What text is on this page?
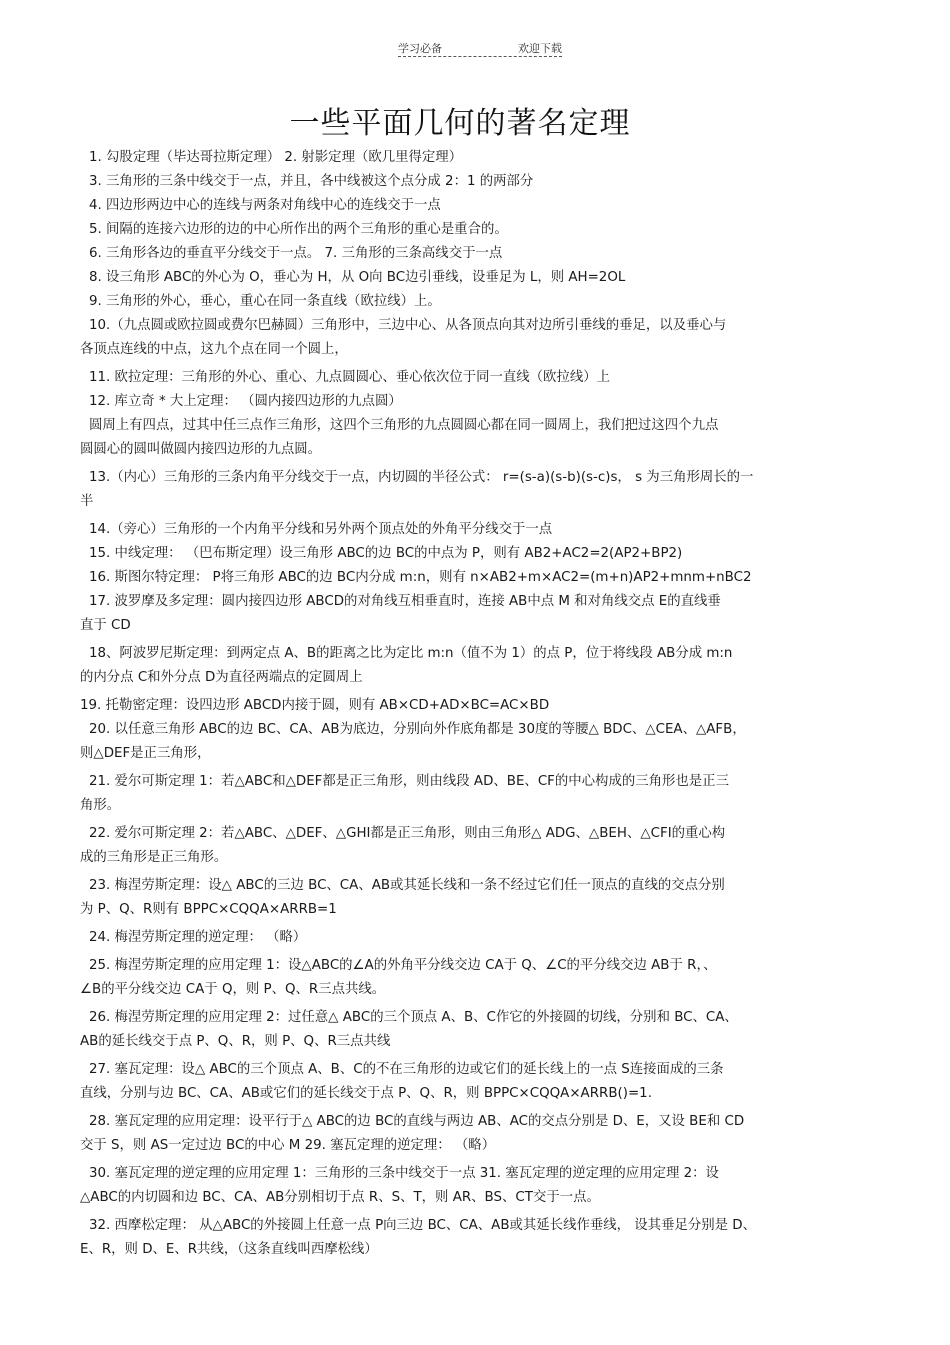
学习必备	欢迎下载
一些平面几何的著名定理

1. 勾股定理（毕达哥拉斯定理） 2. 射影定理（欧几里得定理）

3. 三角形的三条中线交于一点，并且，各中线被这个点分成 2：1 的两部分

4. 四边形两边中心的连线与两条对角线中心的连线交于一点

5. 间隔的连接六边形的边的中心所作出的两个三角形的重心是重合的。

6. 三角形各边的垂直平分线交于一点。 7. 三角形的三条高线交于一点

8. 设三角形 ABC的外心为 O，垂心为 H，从 O向 BC边引垂线，设垂足为 L，则 AH=2OL

9. 三角形的外心，垂心，重心在同一条直线（欧拉线）上。

10.（九点圆或欧拉圆或费尔巴赫圆）三角形中，三边中心、从各顶点向其对边所引垂线的垂足，以及垂心与

各顶点连线的中点，这九个点在同一个圆上，

11. 欧拉定理：三角形的外心、重心、九点圆圆心、垂心依次位于同一直线（欧拉线）上

12. 库立奇 * 大上定理： （圆内接四边形的九点圆）

圆周上有四点，过其中任三点作三角形，这四个三角形的九点圆圆心都在同一圆周上，我们把过这四个九点

圆圆心的圆叫做圆内接四边形的九点圆。

13.（内心）三角形的三条内角平分线交于一点，内切圆的半径公式： r=(s-a)(s-b)(s-c)s， s 为三角形周长的一

半

14.（旁心）三角形的一个内角平分线和另外两个顶点处的外角平分线交于一点

15. 中线定理： （巴布斯定理）设三角形 ABC的边 BC的中点为 P，则有 AB2+AC2=2(AP2+BP2)

16. 斯图尔特定理： P将三角形 ABC的边 BC内分成 m:n，则有 n×AB2+m×AC2=(m+n)AP2+mnm+nBC2

17. 波罗摩及多定理：圆内接四边形 ABCD的对角线互相垂直时，连接 AB中点 M 和对角线交点 E的直线垂

直于 CD

18、阿波罗尼斯定理：到两定点 A、B的距离之比为定比 m:n（值不为 1）的点 P，位于将线段 AB分成 m:n

的内分点 C和外分点 D为直径两端点的定圆周上

19. 托勒密定理：设四边形 ABCD内接于圆，则有 AB×CD+AD×BC=AC×BD

20. 以任意三角形 ABC的边 BC、CA、AB为底边，分别向外作底角都是 30度的等腰△ BDC、△CEA、△AFB，

则△DEF是正三角形，

21. 爱尔可斯定理 1：若△ABC和△DEF都是正三角形，则由线段 AD、BE、CF的中心构成的三角形也是正三

角形。

22. 爱尔可斯定理 2：若△ABC、△DEF、△GHI都是正三角形，则由三角形△ ADG、△BEH、△CFI的重心构

成的三角形是正三角形。

23. 梅涅劳斯定理：设△ ABC的三边 BC、CA、AB或其延长线和一条不经过它们任一顶点的直线的交点分别

为 P、Q、R则有 BPPC×CQQA×ARRB=1

24. 梅涅劳斯定理的逆定理： （略）

25. 梅涅劳斯定理的应用定理 1：设△ABC的∠A的外角平分线交边 CA于 Q、∠C的平分线交边 AB于 R，、

∠B的平分线交边 CA于 Q，则 P、Q、R三点共线。

26. 梅涅劳斯定理的应用定理 2：过任意△ ABC的三个顶点 A、B、C作它的外接圆的切线，分别和 BC、CA、

AB的延长线交于点 P、Q、R，则 P、Q、R三点共线

27. 塞瓦定理：设△ ABC的三个顶点 A、B、C的不在三角形的边或它们的延长线上的一点 S连接面成的三条

直线，分别与边 BC、CA、AB或它们的延长线交于点 P、Q、R，则 BPPC×CQQA×ARRB()=1.

28. 塞瓦定理的应用定理：设平行于△ ABC的边 BC的直线与两边 AB、AC的交点分别是 D、E，又设 BE和 CD

交于 S，则 AS一定过边 BC的中心 M 29. 塞瓦定理的逆定理： （略）

30. 塞瓦定理的逆定理的应用定理 1：三角形的三条中线交于一点 31. 塞瓦定理的逆定理的应用定理 2：设

△ABC的内切圆和边 BC、CA、AB分别相切于点 R、S、T，则 AR、BS、CT交于一点。

32. 西摩松定理： 从△ABC的外接圆上任意一点 P向三边 BC、CA、AB或其延长线作垂线， 设其垂足分别是 D、

E、R，则 D、E、R共线，（这条直线叫西摩松线）
